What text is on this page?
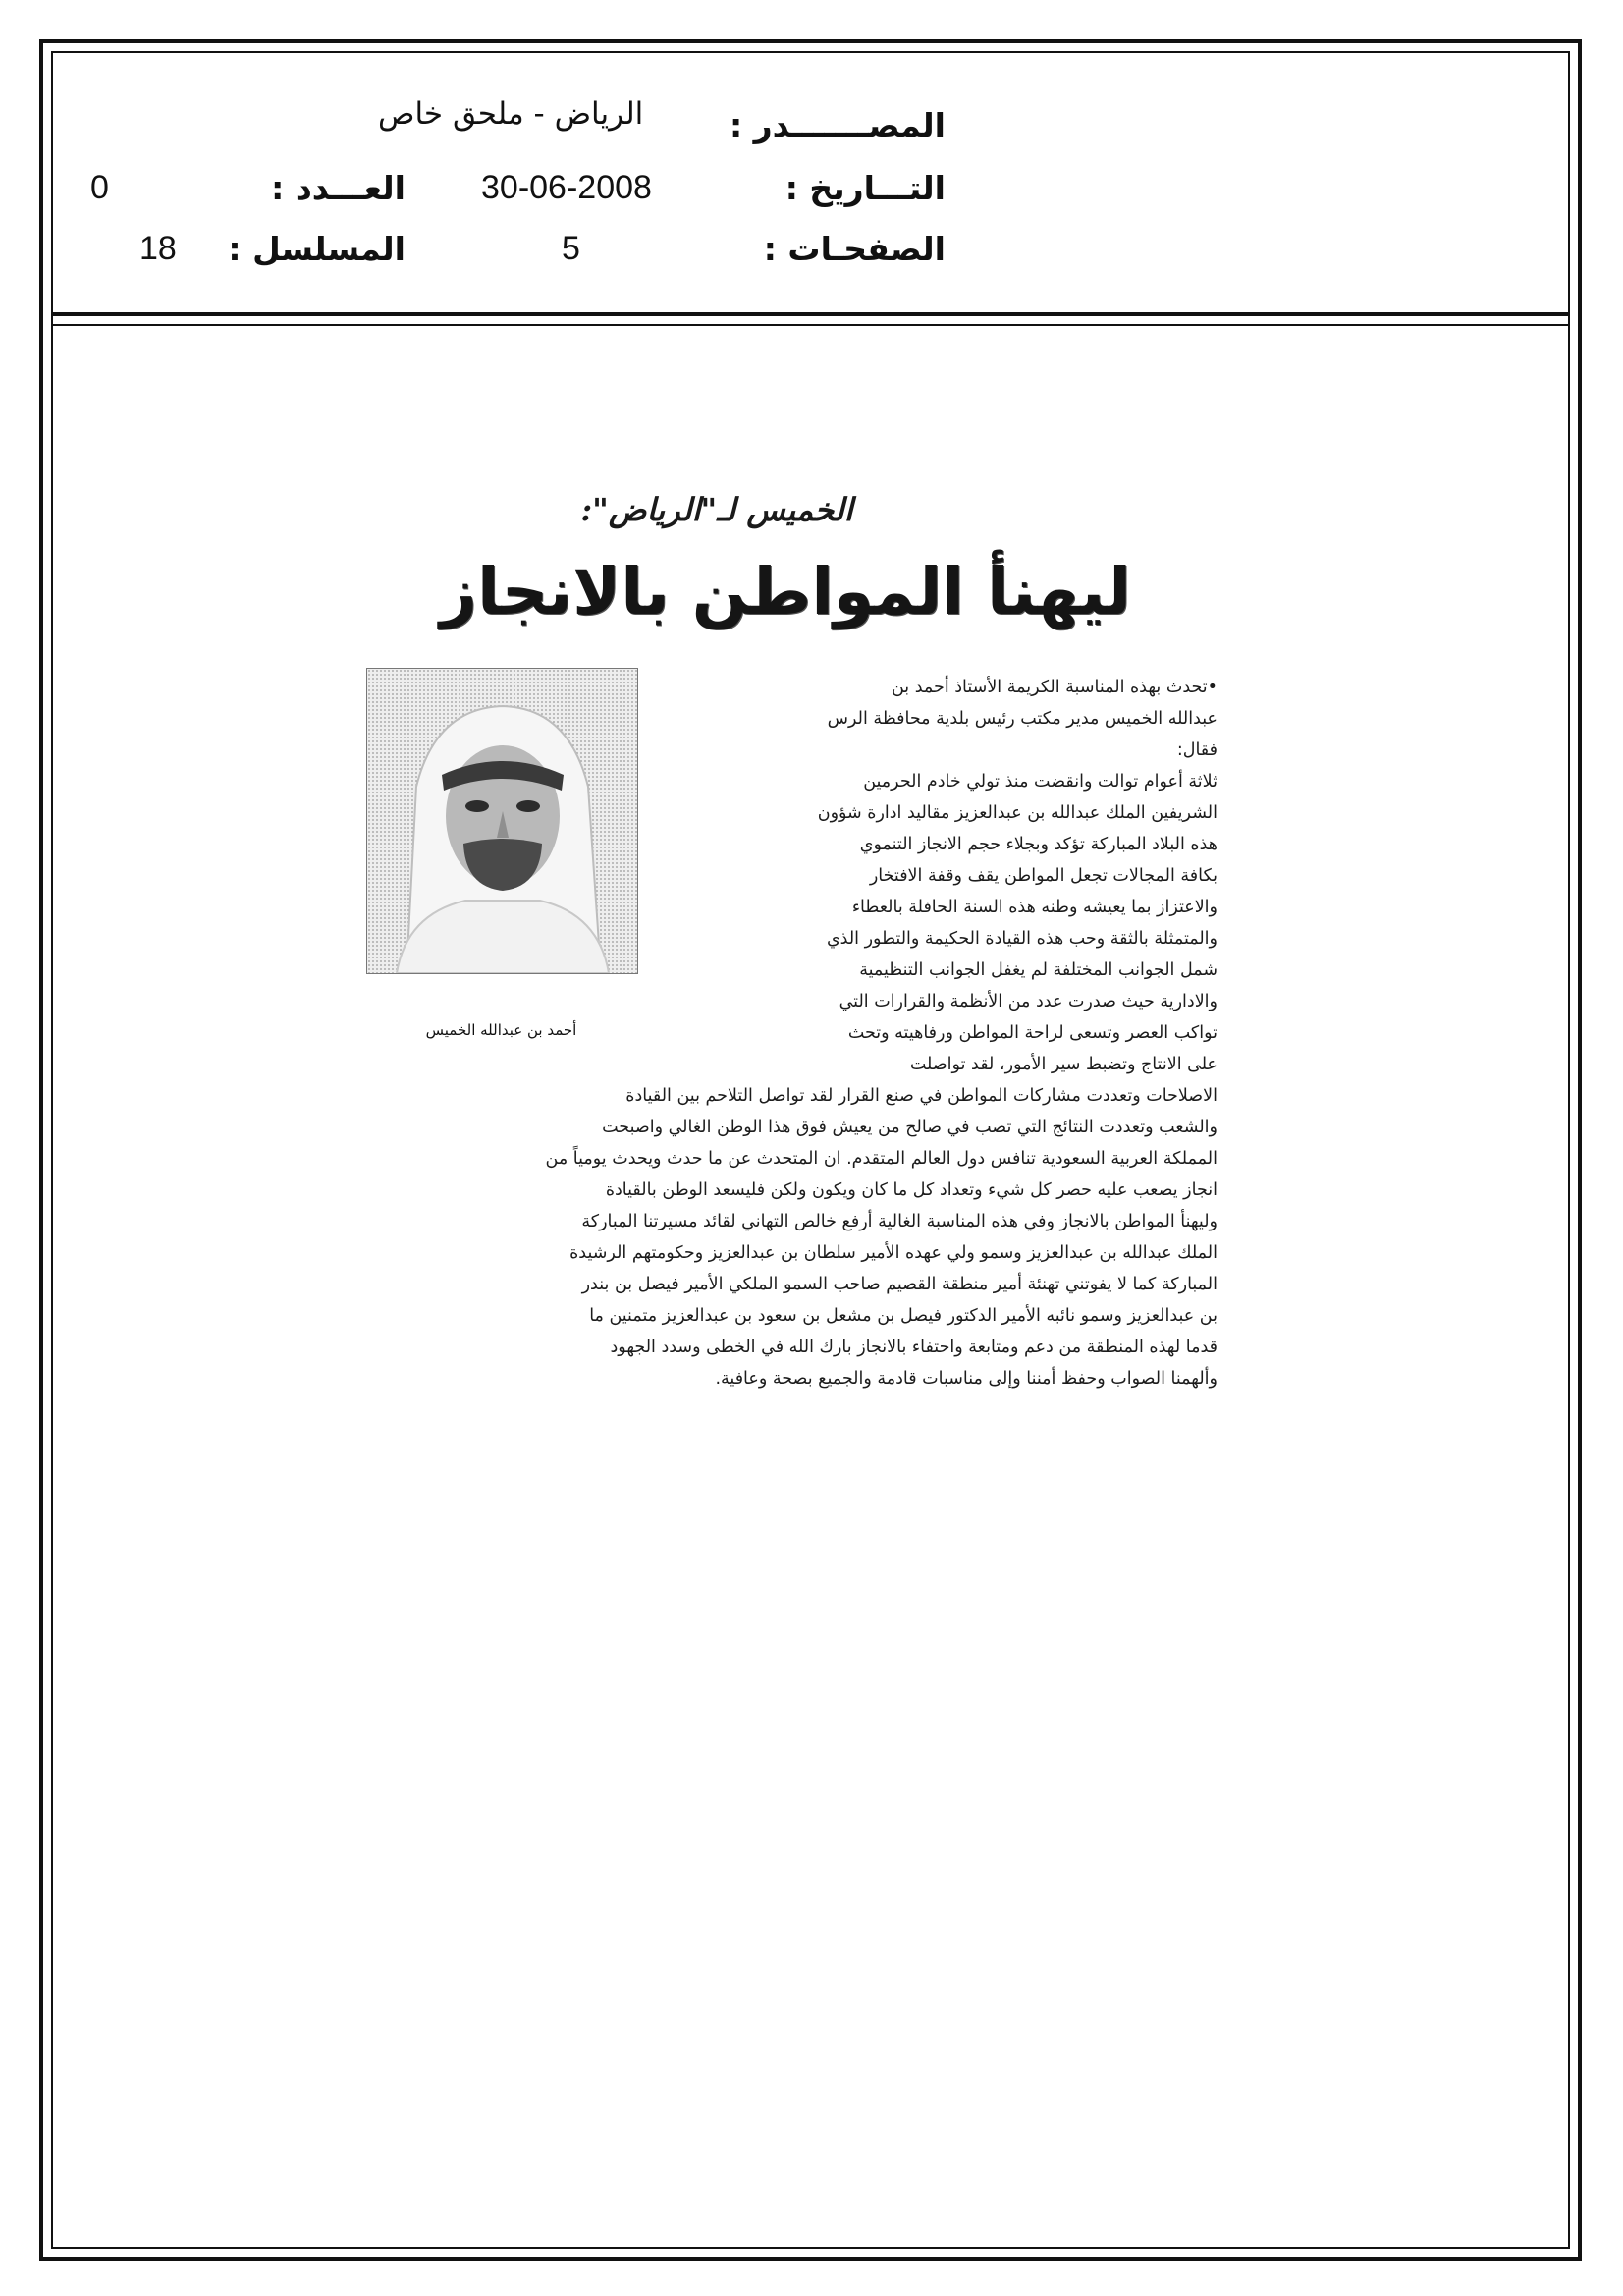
المصـــــــدر :
الرياض - ملحق خاص
التـــاريخ :
30-06-2008
العـــدد :
0
الصفحـات :
5
المسلسل :
18
الخميس لـ"الرياض":
ليهنأ المواطن بالانجاز
أحمد بن عبدالله الخميس
•تحدث بهذه المناسبة الكريمة الأستاذ أحمد بن
عبدالله الخميس مدير مكتب رئيس بلدية محافظة الرس
فقال:
ثلاثة أعوام توالت وانقضت منذ تولي خادم الحرمين
الشريفين الملك عبدالله بن عبدالعزيز مقاليد ادارة شؤون
هذه البلاد المباركة تؤكد وبجلاء حجم الانجاز التنموي
بكافة المجالات تجعل المواطن يقف وقفة الافتخار
والاعتزاز بما يعيشه وطنه هذه السنة الحافلة بالعطاء
والمتمثلة بالثقة وحب هذه القيادة الحكيمة والتطور الذي
شمل الجوانب المختلفة لم يغفل الجوانب التنظيمية
والادارية حيث صدرت عدد من الأنظمة والقرارات التي
تواكب العصر وتسعى لراحة المواطن ورفاهيته وتحث
على الانتاج وتضبط سير الأمور، لقد تواصلت
الاصلاحات وتعددت مشاركات المواطن في صنع القرار لقد تواصل التلاحم بين القيادة
والشعب وتعددت النتائج التي تصب في صالح من يعيش فوق هذا الوطن الغالي واصبحت
المملكة العربية السعودية تنافس دول العالم المتقدم. ان المتحدث عن ما حدث ويحدث يومياً من
انجاز يصعب عليه حصر كل شيء وتعداد كل ما كان ويكون ولكن فليسعد الوطن بالقيادة
وليهنأ المواطن بالانجاز وفي هذه المناسبة الغالية أرفع خالص التهاني لقائد مسيرتنا المباركة
الملك عبدالله بن عبدالعزيز وسمو ولي عهده الأمير سلطان بن عبدالعزيز وحكومتهم الرشيدة
المباركة كما لا يفوتني تهنئة أمير منطقة القصيم صاحب السمو الملكي الأمير فيصل بن بندر
بن عبدالعزيز وسمو نائبه الأمير الدكتور فيصل بن مشعل بن سعود بن عبدالعزيز متمنين ما
قدما لهذه المنطقة من دعم ومتابعة واحتفاء بالانجاز بارك الله في الخطى وسدد الجهود
وألهمنا الصواب وحفظ أمننا وإلى مناسبات قادمة والجميع بصحة وعافية.
